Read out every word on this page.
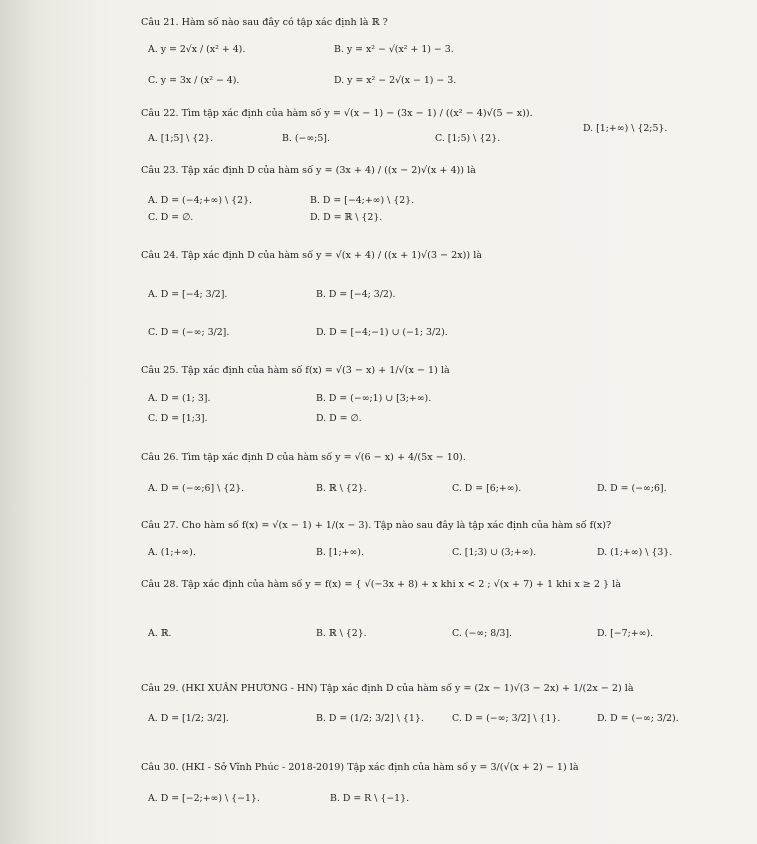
Câu 21. Hàm số nào sau đây có tập xác định là ℝ ?
A. y = 2√x / (x² + 4).	B. y = x² − √(x² + 1) − 3.
C. y = 3x / (x² − 4).	D. y = x² − 2√(x − 1) − 3.
Câu 22. Tìm tập xác định của hàm số y = √(x − 1) − (3x − 1) / ((x² − 4)√(5 − x)).
A. [1;5] \ {2}.	B. (−∞;5].	C. [1;5) \ {2}.
D. [1;+∞) \ {2;5}.
Câu 23. Tập xác định D của hàm số y = (3x + 4) / ((x − 2)√(x + 4)) là
A. D = (−4;+∞) \ {2}.	B. D = [−4;+∞) \ {2}.
C. D = ∅.	D. D = ℝ \ {2}.
Câu 24. Tập xác định D của hàm số y = √(x + 4) / ((x + 1)√(3 − 2x)) là
A. D = [−4; 3/2].	B. D = [−4; 3/2).
C. D = (−∞; 3/2].	D. D = [−4;−1) ∪ (−1; 3/2).
Câu 25. Tập xác định của hàm số f(x) = √(3 − x) + 1/√(x − 1) là
A. D = (1; 3].	B. D = (−∞;1) ∪ [3;+∞).
C. D = [1;3].	D. D = ∅.
Câu 26. Tìm tập xác định D của hàm số y = √(6 − x) + 4/(5x − 10).
A. D = (−∞;6] \ {2}.	B. ℝ \ {2}.	C. D = [6;+∞).	D. D = (−∞;6].
Câu 27. Cho hàm số f(x) = √(x − 1) + 1/(x − 3). Tập nào sau đây là tập xác định của hàm số f(x)?
A. (1;+∞).	B. [1;+∞).	C. [1;3) ∪ (3;+∞).	D. (1;+∞) \ {3}.
Câu 28. Tập xác định của hàm số y = f(x) = { √(−3x + 8) + x khi x < 2 ; √(x + 7) + 1 khi x ≥ 2 } là
A. ℝ.	B. ℝ \ {2}.	C. (−∞; 8/3].	D. [−7;+∞).
Câu 29. (HKI XUÂN PHƯƠNG - HN) Tập xác định D của hàm số y = (2x − 1)√(3 − 2x) + 1/(2x − 2) là
A. D = [1/2; 3/2].	B. D = (1/2; 3/2] \ {1}.	C. D = (−∞; 3/2] \ {1}.	D. D = (−∞; 3/2).
Câu 30. (HKI - Sở Vĩnh Phúc - 2018-2019) Tập xác định của hàm số y = 3/(√(x + 2) − 1) là
A. D = [−2;+∞) \ {−1}.	B. D = R \ {−1}.
